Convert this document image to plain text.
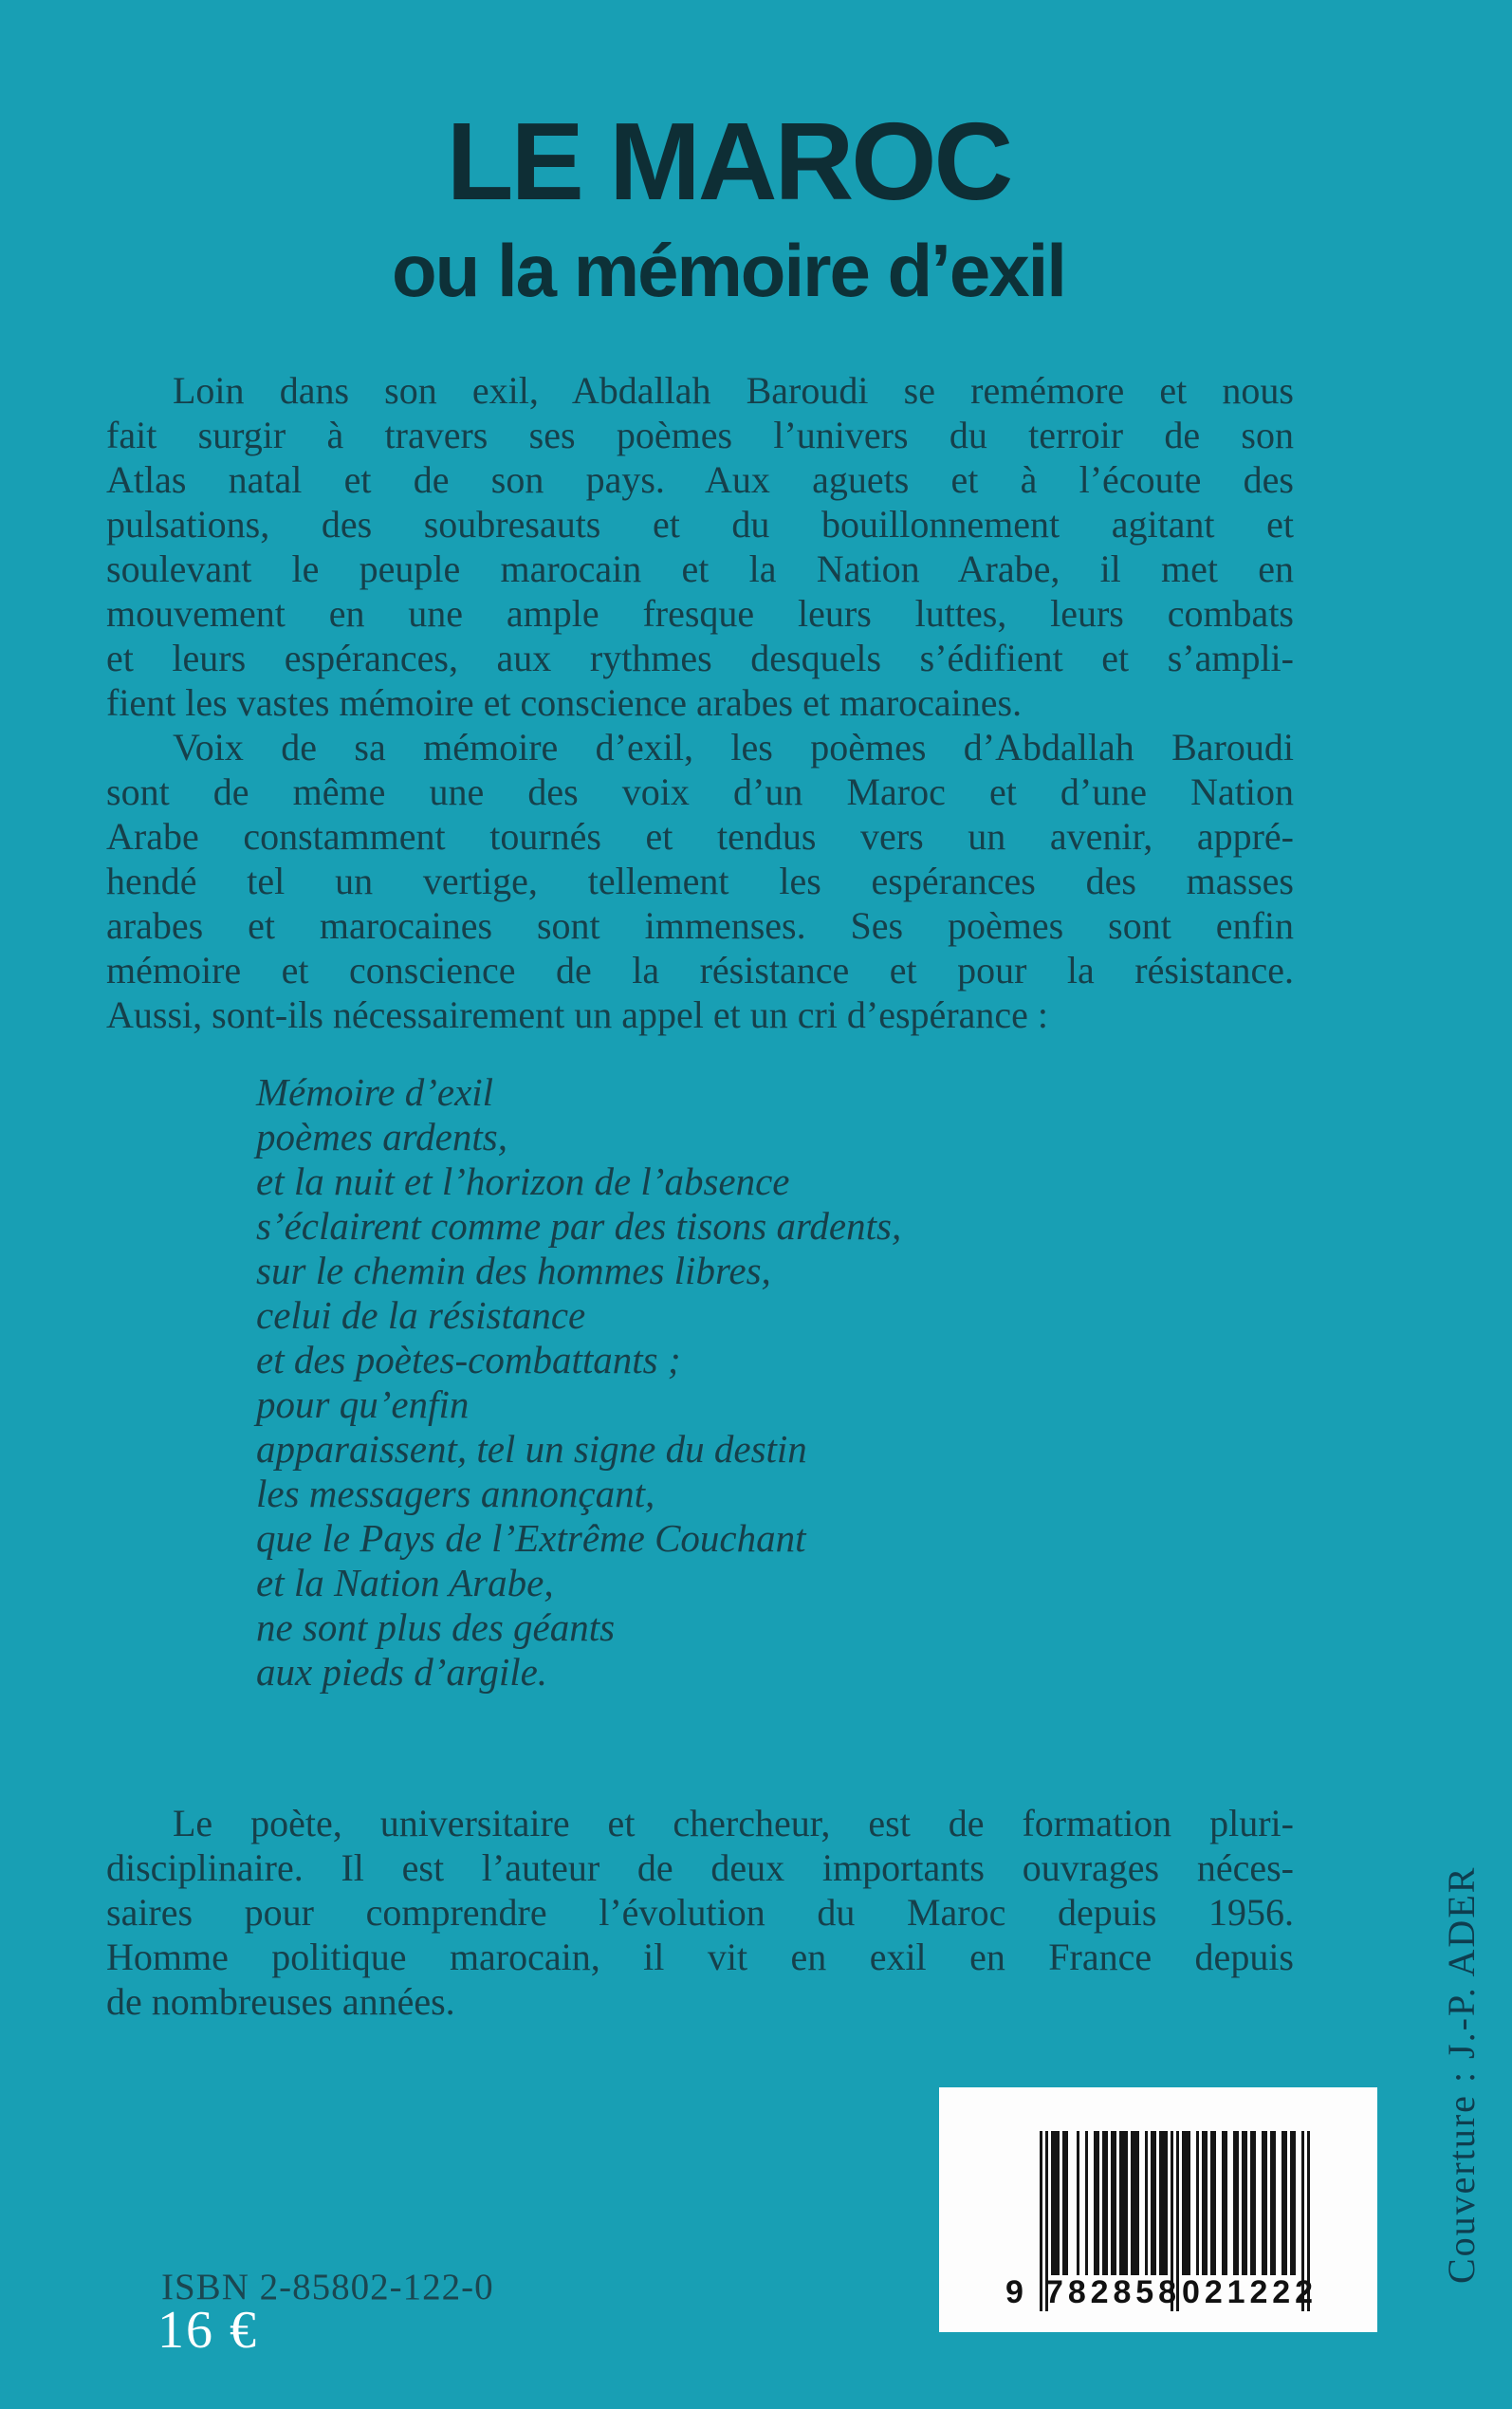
LE MAROC
ou la mémoire d’exil
Loin dans son exil, Abdallah Baroudi se remémore et nous
fait surgir à travers ses poèmes l’univers du terroir de son
Atlas natal et de son pays. Aux aguets et à l’écoute des
pulsations, des soubresauts et du bouillonnement agitant et
soulevant le peuple marocain et la Nation Arabe, il met en
mouvement en une ample fresque leurs luttes, leurs combats
et leurs espérances, aux rythmes desquels s’édifient et s’ampli-
fient les vastes mémoire et conscience arabes et marocaines.
Voix de sa mémoire d’exil, les poèmes d’Abdallah Baroudi
sont de même une des voix d’un Maroc et d’une Nation
Arabe constamment tournés et tendus vers un avenir, appré-
hendé tel un vertige, tellement les espérances des masses
arabes et marocaines sont immenses. Ses poèmes sont enfin
mémoire et conscience de la résistance et pour la résistance.
Aussi, sont-ils nécessairement un appel et un cri d’espérance :
Mémoire d’exil
poèmes ardents,
et la nuit et l’horizon de l’absence
s’éclairent comme par des tisons ardents,
sur le chemin des hommes libres,
celui de la résistance
et des poètes-combattants ;
pour qu’enfin
apparaissent, tel un signe du destin
les messagers annonçant,
que le Pays de l’Extrême Couchant
et la Nation Arabe,
ne sont plus des géants
aux pieds d’argile.
Le poète, universitaire et chercheur, est de formation pluri-
disciplinaire. Il est l’auteur de deux importants ouvrages néces-
saires pour comprendre l’évolution du Maroc depuis 1956.
Homme politique marocain, il vit en exil en France depuis
de nombreuses années.
ISBN 2-85802-122-0
16 €
Couverture : J.-P. ADER
9 7 8 2 8 5 8 0 2 1 2 2 2
